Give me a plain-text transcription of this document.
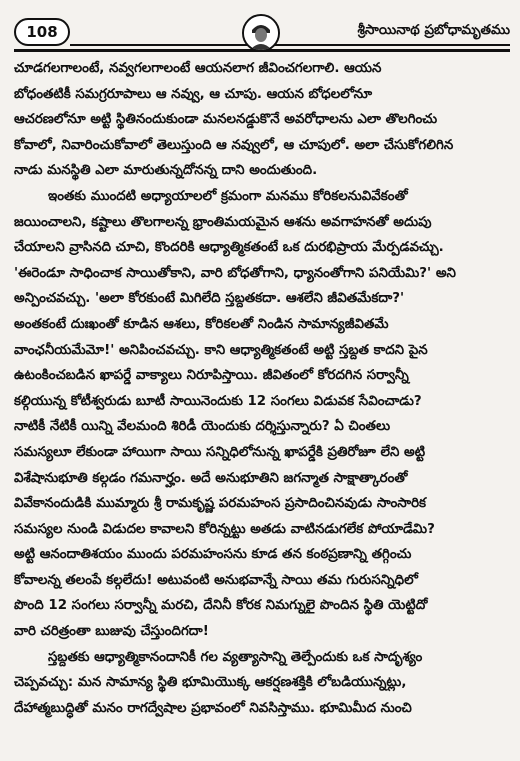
108	శ్రీసాయినాథ ప్రబోధామృతము
చూడగలగాలంటే, నవ్వగలగాలంటే ఆయనలాగ జీవించగలగాలి. ఆయన
బోధంతటికీ సమగ్రరూపాలు ఆ నవ్వు, ఆ చూపు. ఆయన బోధలలోనూ
ఆచరణలోనూ అట్టి స్థితినందుకుండా మనలనడ్డుకొనే అవరోధాలను ఎలా తొలగించు
కోవాలో, నివారించుకోవాలో తెలుస్తుంది ఆ నవ్వులో, ఆ చూపులో. అలా చేసుకోగలిగిన
నాడు మనస్థితి ఎలా మారుతున్నదోనన్న దాని అందుతుంది.
ఇంతకు ముందటి అధ్యాయాలలో క్రమంగా మనము కోరికలనువివేకంతో
జయించాలని, కష్టాలు తొలగాలన్న భ్రాంతిమయమైన ఆశను అవగాహనతో అదుపు
చేయాలని వ్రాసినది చూచి, కొందరికి ఆధ్యాత్మికతంటే ఒక దురభిప్రాయ మేర్పడవచ్చు.
'ఈరెండూ సాధించాక సాయితోకాని, వారి బోధతోగాని, ధ్యానంతోగాని పనియేమి?' అని
అన్పించవచ్చు. 'అలా కోరకుంటే మిగిలేది స్తబ్దతకదా. ఆశలేని జీవితమేకదా?'
అంతకంటే దుఃఖంతో కూడిన ఆశలు, కోరికలతో నిండిన సామాన్యజీవితమే
వాంఛనీయమేమో!' అనిపించవచ్చు. కాని ఆధ్యాత్మికతంటే అట్టి స్తబ్దత కాదని పైన
ఉటంకించబడిన ఖాపర్డే వాక్యాలు నిరూపిస్తాయి. జీవితంలో కోరదగిన సర్వాన్నీ
కల్గియున్న కోటీశ్వరుడు బూటీ సాయినెందుకు 12 సంగలు విడువక సేవించాడు?
నాటికీ నేటికీ యిన్ని వేలమంది శిరిడీ యెందుకు దర్శిస్తున్నారు? ఏ చింతలు
సమస్యలూ లేకుండా హాయిగా సాయి సన్నిధిలోనున్న ఖాపర్డేకి ప్రతిరోజూ లేని అట్టి
విశేషానుభూతి కల్గడం గమనార్హం. అదే అనుభూతిని జగన్మాత సాక్షాత్కారంతో
వివేకానందుడికి ముమ్మారు శ్రీ రామకృష్ణ పరమహంస ప్రసాదించినవుడు సాంసారిక
సమస్యల నుండి విడుదల కావాలని కోరిన్నట్టు అతడు వాటినడుగలేక పోయాడేమి?
అట్టి ఆనందాతిశయం ముందు పరమహంసను కూడ తన కంఠప్రణాన్ని తగ్గించు
కోవాలన్న తలంపే కల్గలేదు! అటువంటి అనుభవాన్నే సాయి తమ గురుసన్నిధిలో
పొంది 12 సంగలు సర్వాన్నీ మరచి, దేనినీ కోరక నిమగ్నులై పొందిన స్థితి యెట్టిదో
వారి చరిత్రంతా బుజువు చేస్తుందిగదా!
స్తబ్దతకు ఆధ్యాత్మికానందానికీ గల వ్యత్యాసాన్ని తెల్పేందుకు ఒక సాదృశ్యం
చెప్పవచ్చు: మన సామాన్య స్థితి భూమియొక్క ఆకర్షణశక్తికి లోబడియున్నట్లు,
దేహాత్మబుద్ధితో మనం రాగద్వేషాల ప్రభావంలో నివసిస్తాము. భూమిమీద నుంచి
